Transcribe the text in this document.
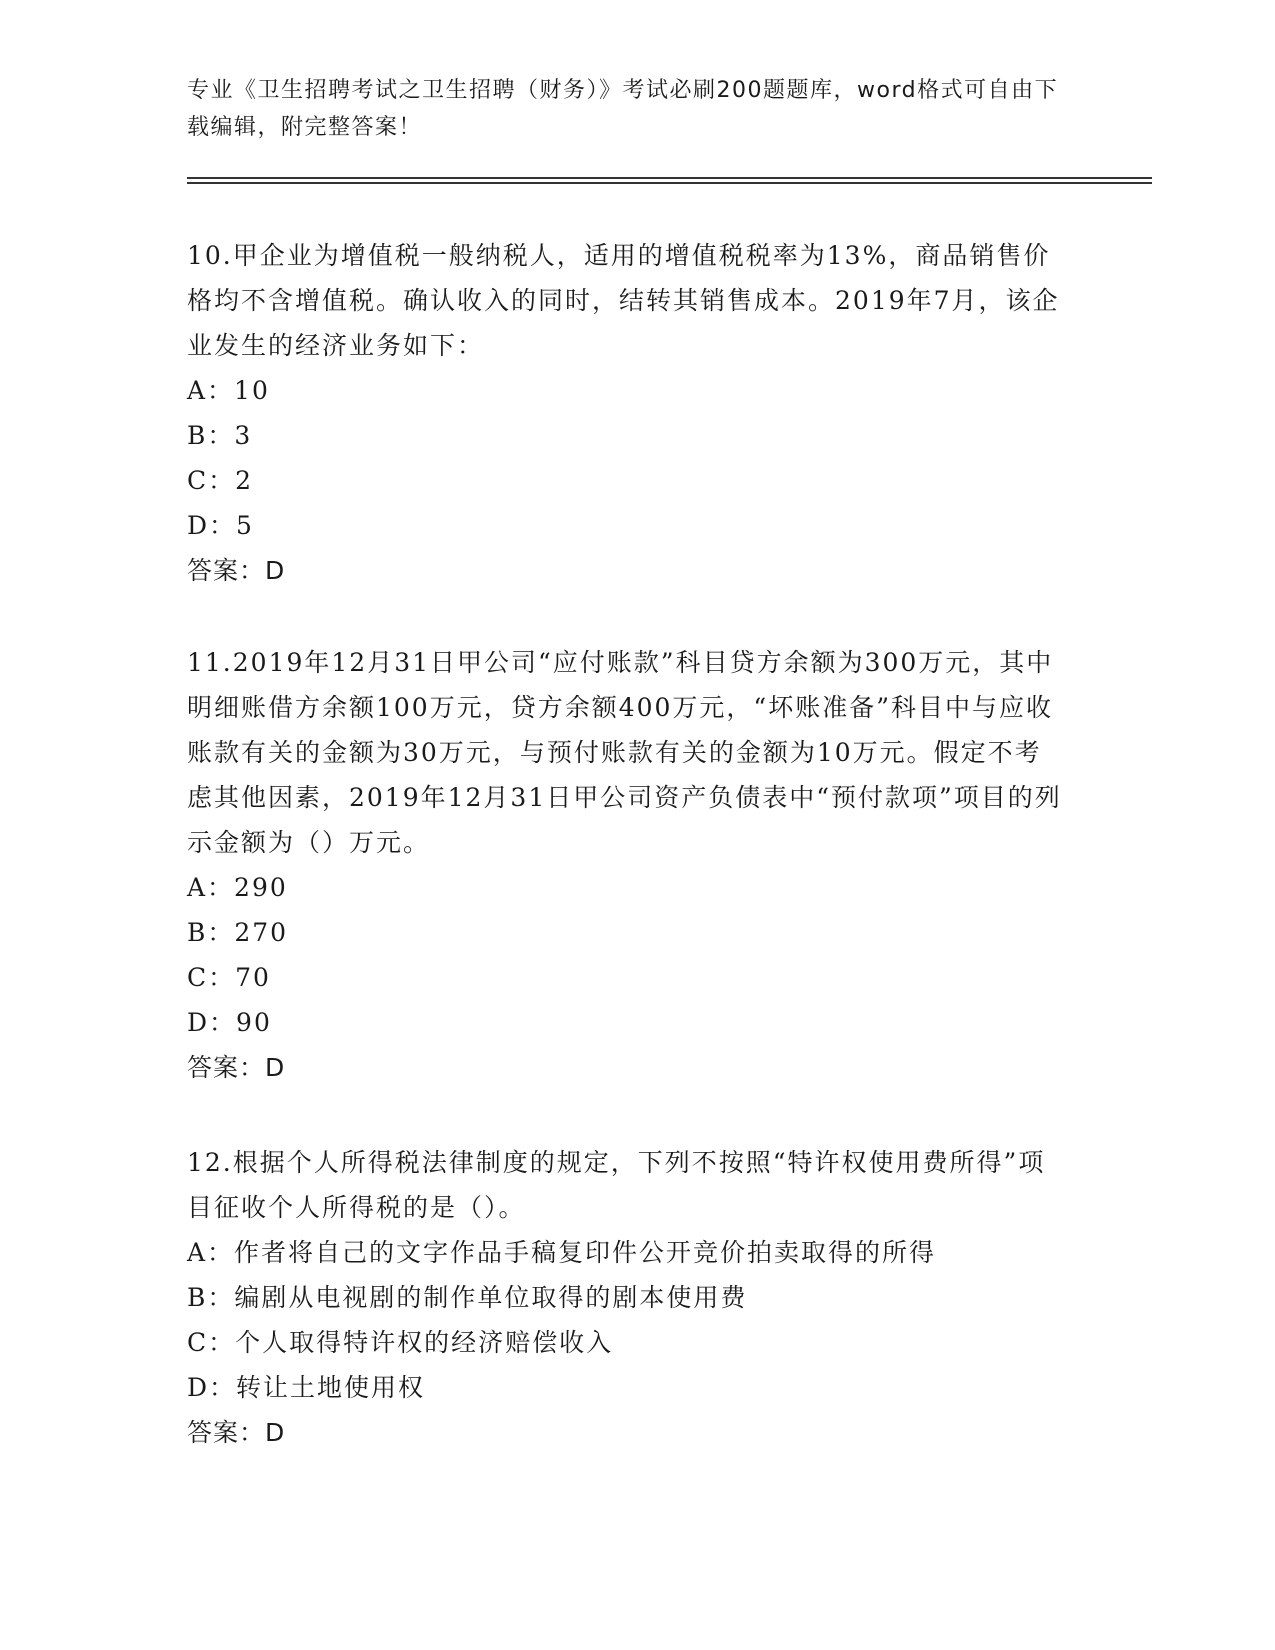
专业《卫生招聘考试之卫生招聘（财务）》考试必刷200题题库，word格式可自由下载编辑，附完整答案！

10.甲企业为增值税一般纳税人，适用的增值税税率为13%，商品销售价格均不含增值税。确认收入的同时，结转其销售成本。2019年7月，该企业发生的经济业务如下：

A：10

B：3

C：2

D：5

答案：D

11.2019年12月31日甲公司“应付账款”科目贷方余额为300万元，其中明细账借方余额100万元，贷方余额400万元，“坏账准备”科目中与应收账款有关的金额为30万元，与预付账款有关的金额为10万元。假定不考虑其他因素，2019年12月31日甲公司资产负债表中“预付款项”项目的列示金额为（）万元。

A：290

B：270

C：70

D：90

答案：D

12.根据个人所得税法律制度的规定，下列不按照“特许权使用费所得”项目征收个人所得税的是（）。

A：作者将自己的文字作品手稿复印件公开竞价拍卖取得的所得

B：编剧从电视剧的制作单位取得的剧本使用费

C：个人取得特许权的经济赔偿收入

D：转让土地使用权

答案：D
